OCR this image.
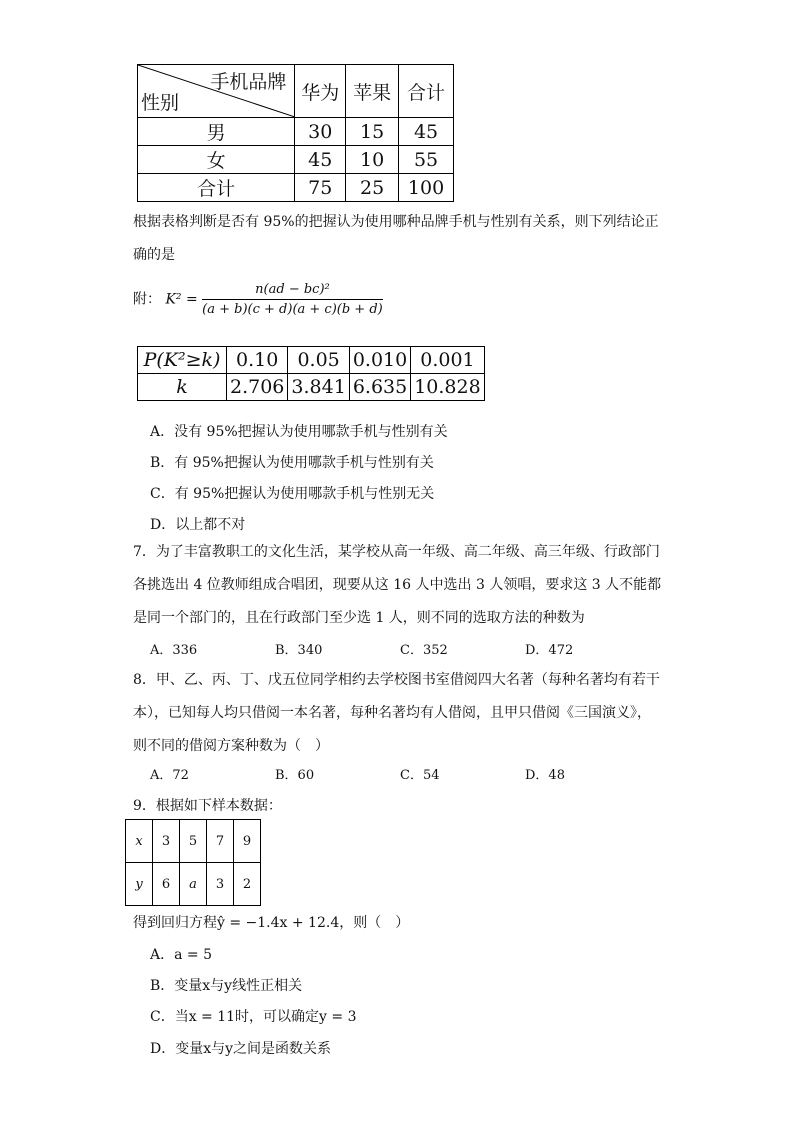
手机品牌
性别	华为	苹果	合计
男	30	15	45
女	45	10	55
合计	75	25	100
根据表格判断是否有 95%的把握认为使用哪种品牌手机与性别有关系，则下列结论正确的是
附： $K^2 = \frac{\text{n(ad − bc)²}}{(a + b)(c + d)(a + c)(b + d)}$
P(K²≥k)	0.10	0.05	0.010	0.001
k	2.706	3.841	6.635	10.828
A．没有 95%把握认为使用哪款手机与性别有关
B．有 95%把握认为使用哪款手机与性别有关
C．有 95%把握认为使用哪款手机与性别无关
D．以上都不对
7．为了丰富教职工的文化生活，某学校从高一年级、高二年级、高三年级、行政部门各挑选出 4 位教师组成合唱团，现要从这 16 人中选出 3 人领唱，要求这 3 人不能都是同一个部门的，且在行政部门至少选 1 人，则不同的选取方法的种数为
A．336	B．340	C．352	D．472
8．甲、乙、丙、丁、戊五位同学相约去学校图书室借阅四大名著（每种名著均有若干本），已知每人均只借阅一本名著，每种名著均有人借阅，且甲只借阅《三国演义》，则不同的借阅方案种数为（　）
A．72	B．60	C．54	D．48
9．根据如下样本数据：
x	3	5	7	9
y	6	a	3	2
得到回归方程ŷ = −1.4x + 12.4，则（　）
A．a = 5
B．变量x与y线性正相关
C．当x = 11时，可以确定y = 3
D．变量x与y之间是函数关系
